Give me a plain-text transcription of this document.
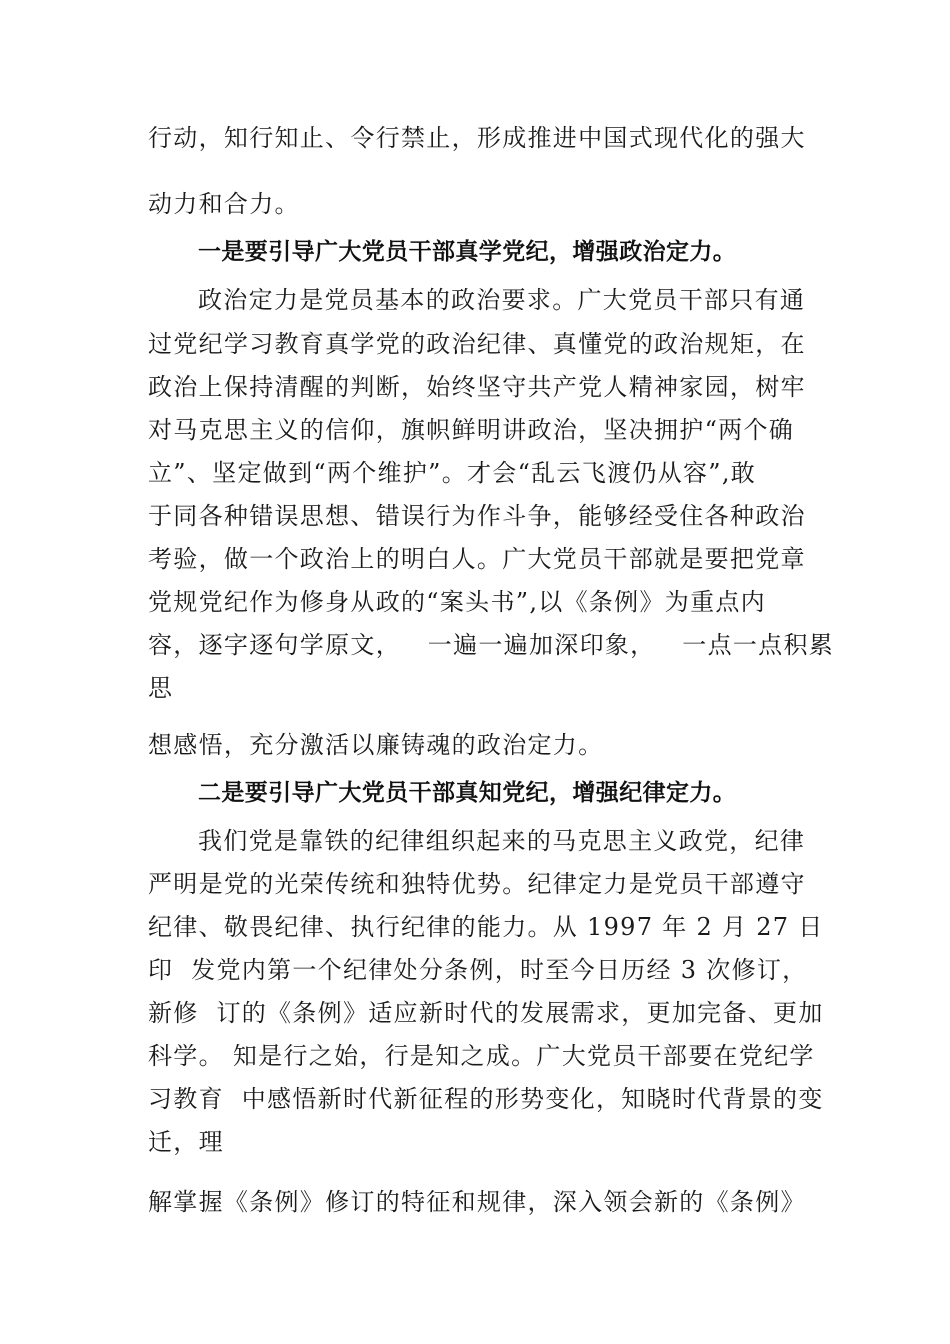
行动，知行知止、令行禁止，形成推进中国式现代化的强大
动力和合力。
一是要引导广大党员干部真学党纪，增强政治定力。
政治定力是党员基本的政治要求。广大党员干部只有通
过党纪学习教育真学党的政治纪律、真懂党的政治规矩，在
政治上保持清醒的判断，始终坚守共产党人精神家园，树牢
对马克思主义的信仰，旗帜鲜明讲政治，坚决拥护“两个确
立”、坚定做到“两个维护”。才会“乱云飞渡仍从容”,敢
于同各种错误思想、错误行为作斗争，能够经受住各种政治
考验，做一个政治上的明白人。广大党员干部就是要把党章
党规党纪作为修身从政的“案头书”,以《条例》为重点内
容，逐字逐句学原文，   一遍一遍加深印象，   一点一点积累
思
想感悟，充分激活以廉铸魂的政治定力。
二是要引导广大党员干部真知党纪，增强纪律定力。
我们党是靠铁的纪律组织起来的马克思主义政党，纪律
严明是党的光荣传统和独特优势。纪律定力是党员干部遵守
纪律、敬畏纪律、执行纪律的能力。从 1997 年 2 月 27 日
印  发党内第一个纪律处分条例，时至今日历经 3 次修订，
新修  订的《条例》适应新时代的发展需求，更加完备、更加
科学。 知是行之始，行是知之成。广大党员干部要在党纪学
习教育  中感悟新时代新征程的形势变化，知晓时代背景的变
迁，理
解掌握《条例》修订的特征和规律，深入领会新的《条例》
